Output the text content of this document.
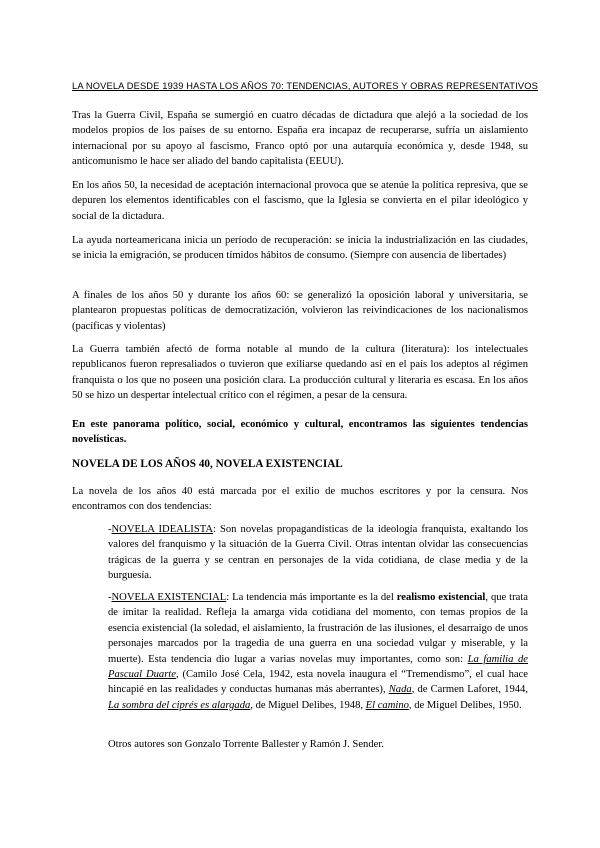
LA NOVELA DESDE 1939 HASTA LOS AÑOS 70: TENDENCIAS, AUTORES Y OBRAS REPRESENTATIVOS

Tras la Guerra Civil, España se sumergió en cuatro décadas de dictadura que alejó a la sociedad de los modelos propios de los países de su entorno. España era incapaz de recuperarse, sufría un aislamiento internacional por su apoyo al fascismo, Franco optó por una autarquía económica y, desde 1948, su anticomunismo le hace ser aliado del bando capitalista (EEUU).

En los años 50, la necesidad de aceptación internacional provoca que se atenúe la política represiva, que se depuren los elementos identificables con el fascismo, que la Iglesia se convierta en el pilar ideológico y social de la dictadura.

La ayuda norteamericana inicia un período de recuperación: se inicia la industrialización en las ciudades, se inicia la emigración, se producen tímidos hábitos de consumo. (Siempre con ausencia de libertades)

A finales de los años 50 y durante los años 60: se generalizó la oposición laboral y universitaria, se plantearon propuestas políticas de democratización, volvieron las reivindicaciones de los nacionalismos (pacíficas y violentas)

La Guerra también afectó de forma notable al mundo de la cultura (literatura): los intelectuales republicanos fueron represaliados o tuvieron que exiliarse quedando así en el país los adeptos al régimen franquista o los que no poseen una posición clara. La producción cultural y literaria es escasa. En los años 50 se hizo un despertar intelectual crítico con el régimen, a pesar de la censura.

En este panorama político, social, económico y cultural, encontramos las siguientes tendencias novelísticas.

NOVELA DE LOS AÑOS 40, NOVELA EXISTENCIAL

La novela de los años 40 está marcada por el exilio de muchos escritores y por la censura. Nos encontramos con dos tendencias:

-NOVELA IDEALISTA: Son novelas propagandísticas de la ideología franquista, exaltando los valores del franquismo y la situación de la Guerra Civil. Otras intentan olvidar las consecuencias trágicas de la guerra y se centran en personajes de la vida cotidiana, de clase media y de la burguesía.

-NOVELA EXISTENCIAL: La tendencia más importante es la del realismo existencial, que trata de imitar la realidad. Refleja la amarga vida cotidiana del momento, con temas propios de la esencia existencial (la soledad, el aislamiento, la frustración de las ilusiones, el desarraigo de unos personajes marcados por la tragedia de una guerra en una sociedad vulgar y miserable, y la muerte). Esta tendencia dio lugar a varias novelas muy importantes, como son: La familia de Pascual Duarte, (Camilo José Cela, 1942, esta novela inaugura el “Tremendismo”, el cual hace hincapié en las realidades y conductas humanas más aberrantes), Nada, de Carmen Laforet, 1944, La sombra del ciprés es alargada, de Miguel Delibes, 1948, El camino, de Miguel Delibes, 1950.

Otros autores son Gonzalo Torrente Ballester y Ramón J. Sender.
